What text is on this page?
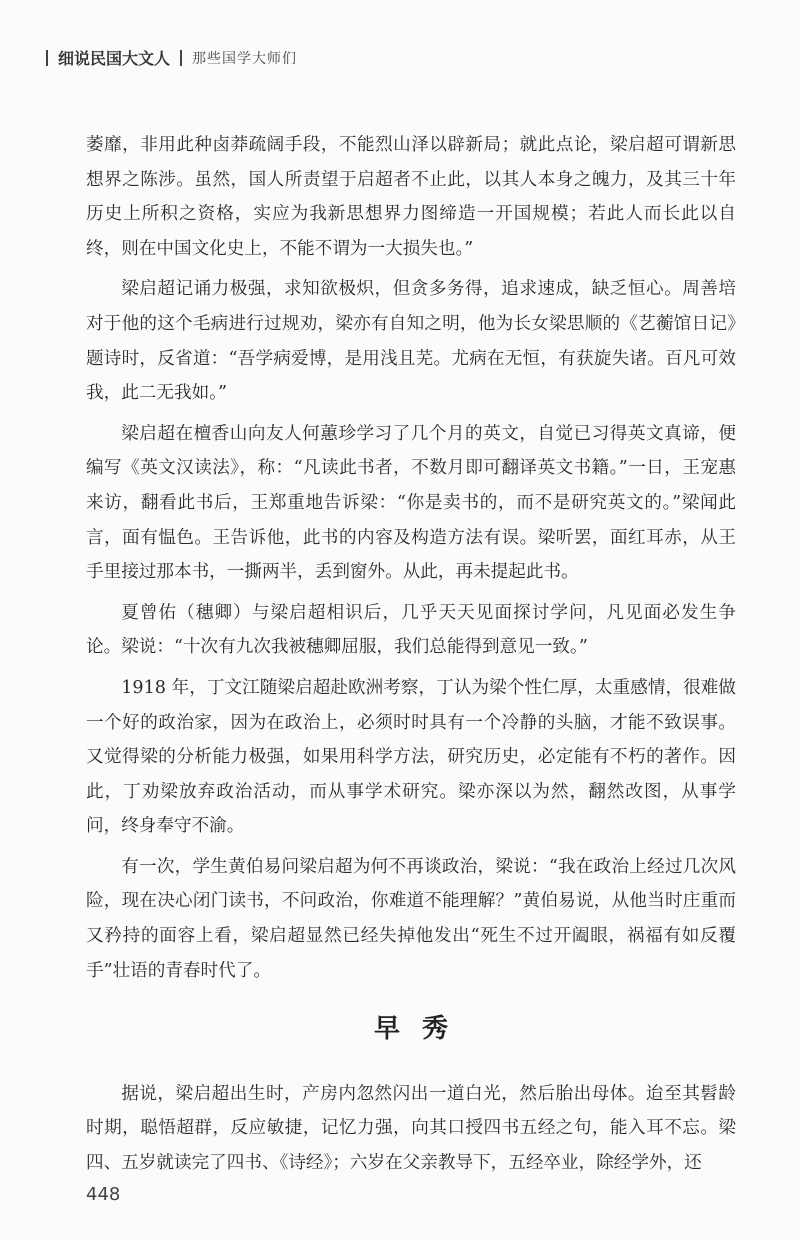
细说民国大文人 那些国学大师们

萎靡，非用此种卤莽疏阔手段，不能烈山泽以辟新局；就此点论，梁启超可谓新思想界之陈涉。虽然，国人所责望于启超者不止此，以其人本身之魄力，及其三十年历史上所积之资格，实应为我新思想界力图缔造一开国规模；若此人而长此以自终，则在中国文化史上，不能不谓为一大损失也。”

梁启超记诵力极强，求知欲极炽，但贪多务得，追求速成，缺乏恒心。周善培对于他的这个毛病进行过规劝，梁亦有自知之明，他为长女梁思顺的《艺蘅馆日记》题诗时，反省道：“吾学病爱博，是用浅且芜。尤病在无恒，有获旋失诸。百凡可效我，此二无我如。”

梁启超在檀香山向友人何蕙珍学习了几个月的英文，自觉已习得英文真谛，便编写《英文汉读法》，称：“凡读此书者，不数月即可翻译英文书籍。”一日，王宠惠来访，翻看此书后，王郑重地告诉梁：“你是卖书的，而不是研究英文的。”梁闻此言，面有愠色。王告诉他，此书的内容及构造方法有误。梁听罢，面红耳赤，从王手里接过那本书，一撕两半，丢到窗外。从此，再未提起此书。

夏曾佑（穗卿）与梁启超相识后，几乎天天见面探讨学问，凡见面必发生争论。梁说：“十次有九次我被穗卿屈服，我们总能得到意见一致。”

1918 年，丁文江随梁启超赴欧洲考察，丁认为梁个性仁厚，太重感情，很难做一个好的政治家，因为在政治上，必须时时具有一个冷静的头脑，才能不致误事。又觉得梁的分析能力极强，如果用科学方法，研究历史，必定能有不朽的著作。因此，丁劝梁放弃政治活动，而从事学术研究。梁亦深以为然，翻然改图，从事学问，终身奉守不渝。

有一次，学生黄伯易问梁启超为何不再谈政治，梁说：“我在政治上经过几次风险，现在决心闭门读书，不问政治，你难道不能理解？”黄伯易说，从他当时庄重而又矜持的面容上看，梁启超显然已经失掉他发出“死生不过开阖眼，祸福有如反覆手”壮语的青春时代了。

早秀

据说，梁启超出生时，产房内忽然闪出一道白光，然后胎出母体。迨至其髫龄时期，聪悟超群，反应敏捷，记忆力强，向其口授四书五经之句，能入耳不忘。梁四、五岁就读完了四书、《诗经》；六岁在父亲教导下，五经卒业，除经学外，还

448
